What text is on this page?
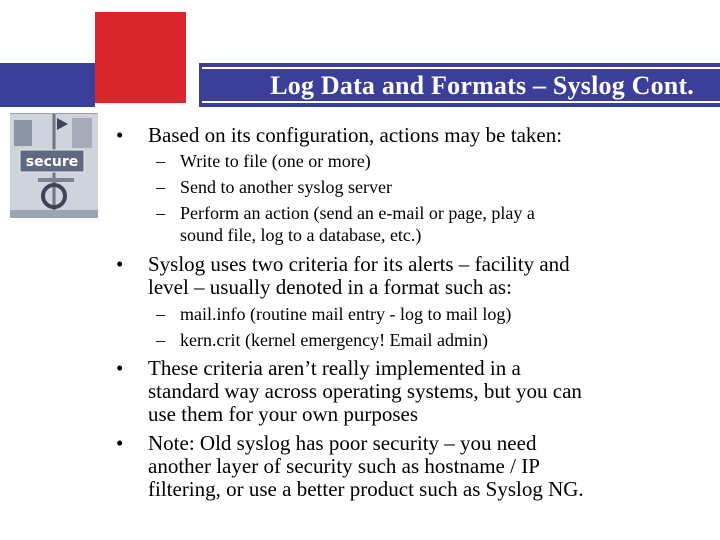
Log Data and Formats – Syslog Cont.
secure
• Based on its configuration, actions may be taken:
– Write to file (one or more)
– Send to another syslog server
– Perform an action (send an e-mail or page, play a
sound file, log to a database, etc.)
• Syslog uses two criteria for its alerts – facility and
level – usually denoted in a format such as:
– mail.info (routine mail entry - log to mail log)
– kern.crit (kernel emergency! Email admin)
• These criteria aren’t really implemented in a
standard way across operating systems, but you can
use them for your own purposes
• Note: Old syslog has poor security – you need
another layer of security such as hostname / IP
filtering, or use a better product such as Syslog NG.
